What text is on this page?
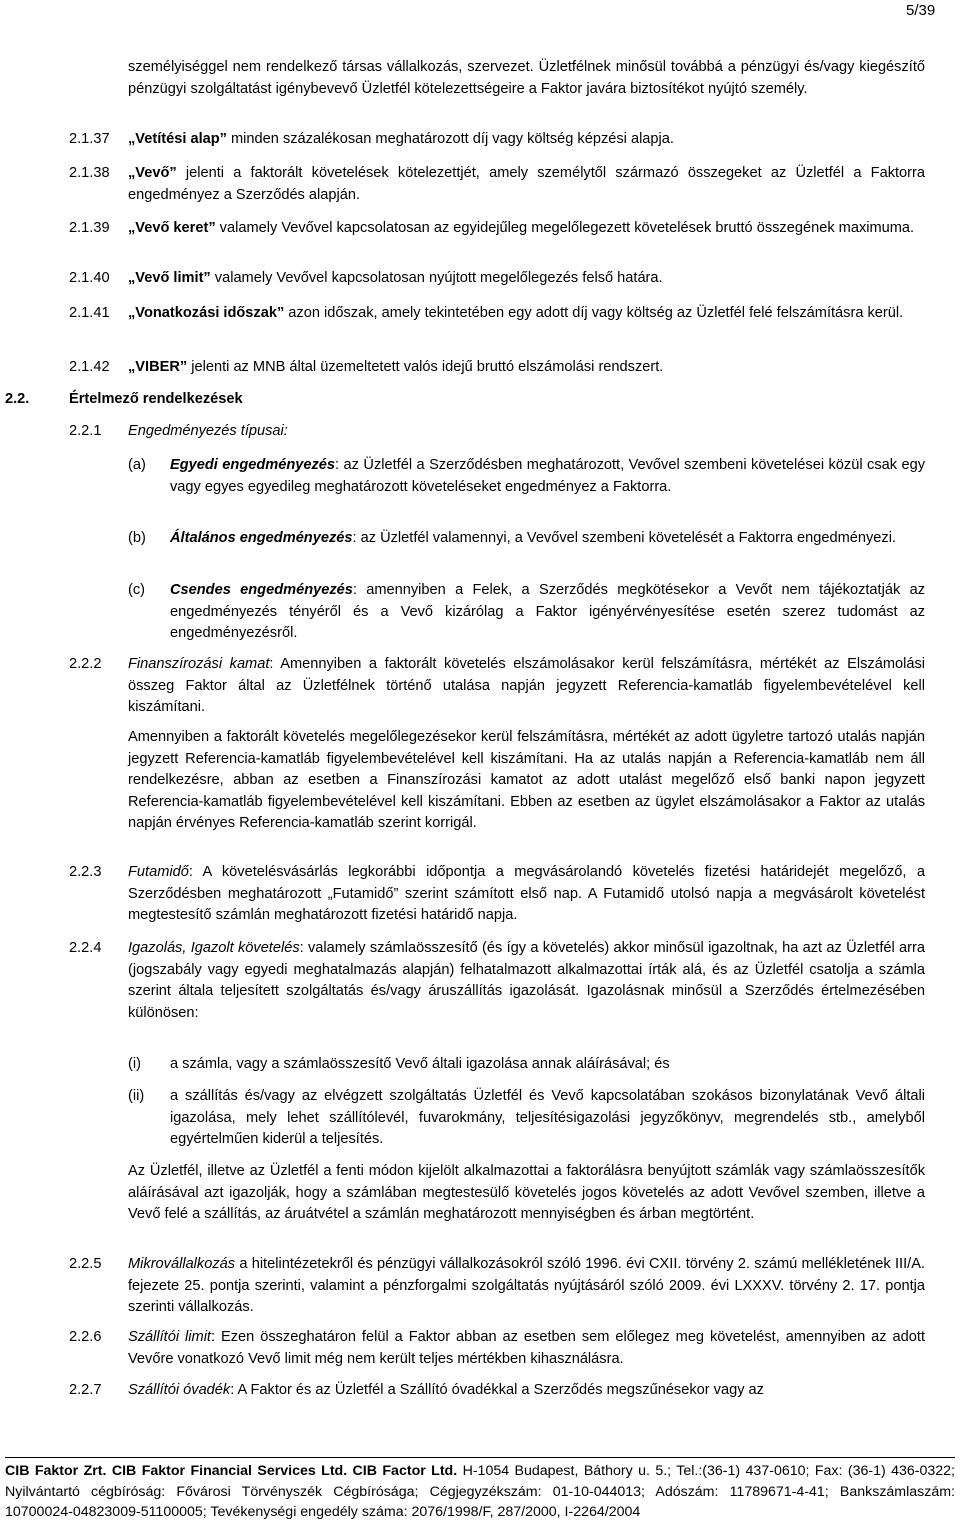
5/39
személyiséggel nem rendelkező társas vállalkozás, szervezet. Üzletfélnek minősül továbbá a pénzügyi és/vagy kiegészítő pénzügyi szolgáltatást igénybevevő Üzletfél kötelezettségeire a Faktor javára biztosítékot nyújtó személy.
2.1.37 „Vetítési alap” minden százalékosan meghatározott díj vagy költség képzési alapja.
2.1.38 „Vevő” jelenti a faktorált követelések kötelezettjét, amely személytől származó összegeket az Üzletfél a Faktorra engedményez a Szerződés alapján.
2.1.39 „Vevő keret” valamely Vevővel kapcsolatosan az egyidejűleg megelőlegezett követelések bruttó összegének maximuma.
2.1.40 „Vevő limit” valamely Vevővel kapcsolatosan nyújtott megelőlegezés felső határa.
2.1.41 „Vonatkozási időszak” azon időszak, amely tekintetében egy adott díj vagy költség az Üzletfél felé felszámításra kerül.
2.1.42 „VIBER” jelenti az MNB által üzemeltetett valós idejű bruttó elszámolási rendszert.
2.2.	Értelmező rendelkezések
2.2.1 Engedményezés típusai:
(a) Egyedi engedményezés: az Üzletfél a Szerződésben meghatározott, Vevővel szembeni követelései közül csak egy vagy egyes egyedileg meghatározott követeléseket engedményez a Faktorra.
(b) Általános engedményezés: az Üzletfél valamennyi, a Vevővel szembeni követelését a Faktorra engedményezi.
(c) Csendes engedményezés: amennyiben a Felek, a Szerződés megkötésekor a Vevőt nem tájékoztatják az engedményezés tényéről és a Vevő kizárólag a Faktor igényérvényesítése esetén szerez tudomást az engedményezésről.
2.2.2 Finanszírozási kamat: Amennyiben a faktorált követelés elszámolásakor kerül felszámításra, mértékét az Elszámolási összeg Faktor által az Üzletfélnek történő utalása napján jegyzett Referencia-kamatláb figyelembevételével kell kiszámítani.
Amennyiben a faktorált követelés megelőlegezésekor kerül felszámításra, mértékét az adott ügyletre tartozó utalás napján jegyzett Referencia-kamatláb figyelembevételével kell kiszámítani. Ha az utalás napján a Referencia-kamatláb nem áll rendelkezésre, abban az esetben a Finanszírozási kamatot az adott utalást megelőző első banki napon jegyzett Referencia-kamatláb figyelembevételével kell kiszámítani. Ebben az esetben az ügylet elszámolásakor a Faktor az utalás napján érvényes Referencia-kamatláb szerint korrigál.
2.2.3 Futamidő: A követelésvásárlás legkorábbi időpontja a megvásárolandó követelés fizetési határidejét megelőző, a Szerződésben meghatározott „Futamidő” szerint számított első nap. A Futamidő utolsó napja a megvásárolt követelést megtestesítő számlán meghatározott fizetési határidő napja.
2.2.4 Igazolás, Igazolt követelés: valamely számlaösszesítő (és így a követelés) akkor minősül igazoltnak, ha azt az Üzletfél arra (jogszabály vagy egyedi meghatalmazás alapján) felhatalmazott alkalmazottai írták alá, és az Üzletfél csatolja a számla szerint általa teljesített szolgáltatás és/vagy áruszállítás igazolását. Igazolásnak minősül a Szerződés értelmezésében különösen:
(i) a számla, vagy a számlaösszesítő Vevő általi igazolása annak aláírásával; és
(ii) a szállítás és/vagy az elvégzett szolgáltatás Üzletfél és Vevő kapcsolatában szokásos bizonylatának Vevő általi igazolása, mely lehet szállítólevél, fuvarokmány, teljesítésigazolási jegyzőkönyv, megrendelés stb., amelyből egyértelműen kiderül a teljesítés.
Az Üzletfél, illetve az Üzletfél a fenti módon kijelölt alkalmazottai a faktorálásra benyújtott számlák vagy számlaösszesítők aláírásával azt igazolják, hogy a számlában megtestesülő követelés jogos követelés az adott Vevővel szemben, illetve a Vevő felé a szállítás, az áruátvétel a számlán meghatározott mennyiségben és árban megtörtént.
2.2.5 Mikrovállalkozás a hitelintézetekről és pénzügyi vállalkozásokról szóló 1996. évi CXII. törvény 2. számú mellékletének III/A. fejezete 25. pontja szerinti, valamint a pénzforgalmi szolgáltatás nyújtásáról szóló 2009. évi LXXXV. törvény 2. 17. pontja szerinti vállalkozás.
2.2.6 Szállítói limit: Ezen összeghatáron felül a Faktor abban az esetben sem előlegez meg követelést, amennyiben az adott Vevőre vonatkozó Vevő limit még nem került teljes mértékben kihasználásra.
2.2.7 Szállítói óvadék: A Faktor és az Üzletfél a Szállító óvadékkal a Szerződés megszűnésekor vagy az
CIB Faktor Zrt. CIB Faktor Financial Services Ltd. CIB Factor Ltd. H-1054 Budapest, Báthory u. 5.; Tel.:(36-1) 437-0610; Fax: (36-1) 436-0322; Nyilvántartó cégbíróság: Fővárosi Törvényszék Cégbírósága; Cégjegyzékszám: 01-10-044013; Adószám: 11789671-4-41; Bankszámlaszám: 10700024-04823009-51100005; Tevékenységi engedély száma: 2076/1998/F, 287/2000, I-2264/2004
